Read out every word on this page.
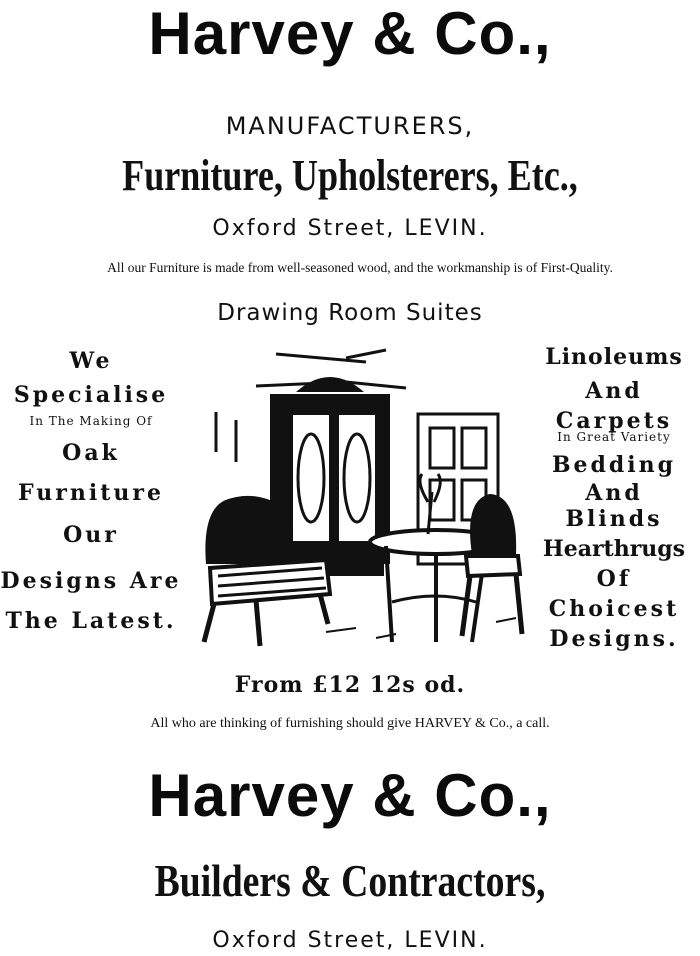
Harvey & Co.,
MANUFACTURERS,
Furniture, Upholsterers, Etc.,
Oxford Street, LEVIN.
All our Furniture is made from well-seasoned wood, and the workmanship is of First-Quality.
Drawing Room Suites
We
Specialise
In The Making Of
Oak
Furniture
Our
Designs Are
The Latest.
Linoleums
And
Carpets
In Great Variety
Bedding
And
Blinds
Hearthrugs
Of
Choicest
Designs.
From £12 12s od.
All who are thinking of furnishing should give HARVEY & Co., a call.
Harvey & Co.,
Builders & Contractors,
Oxford Street, LEVIN.
